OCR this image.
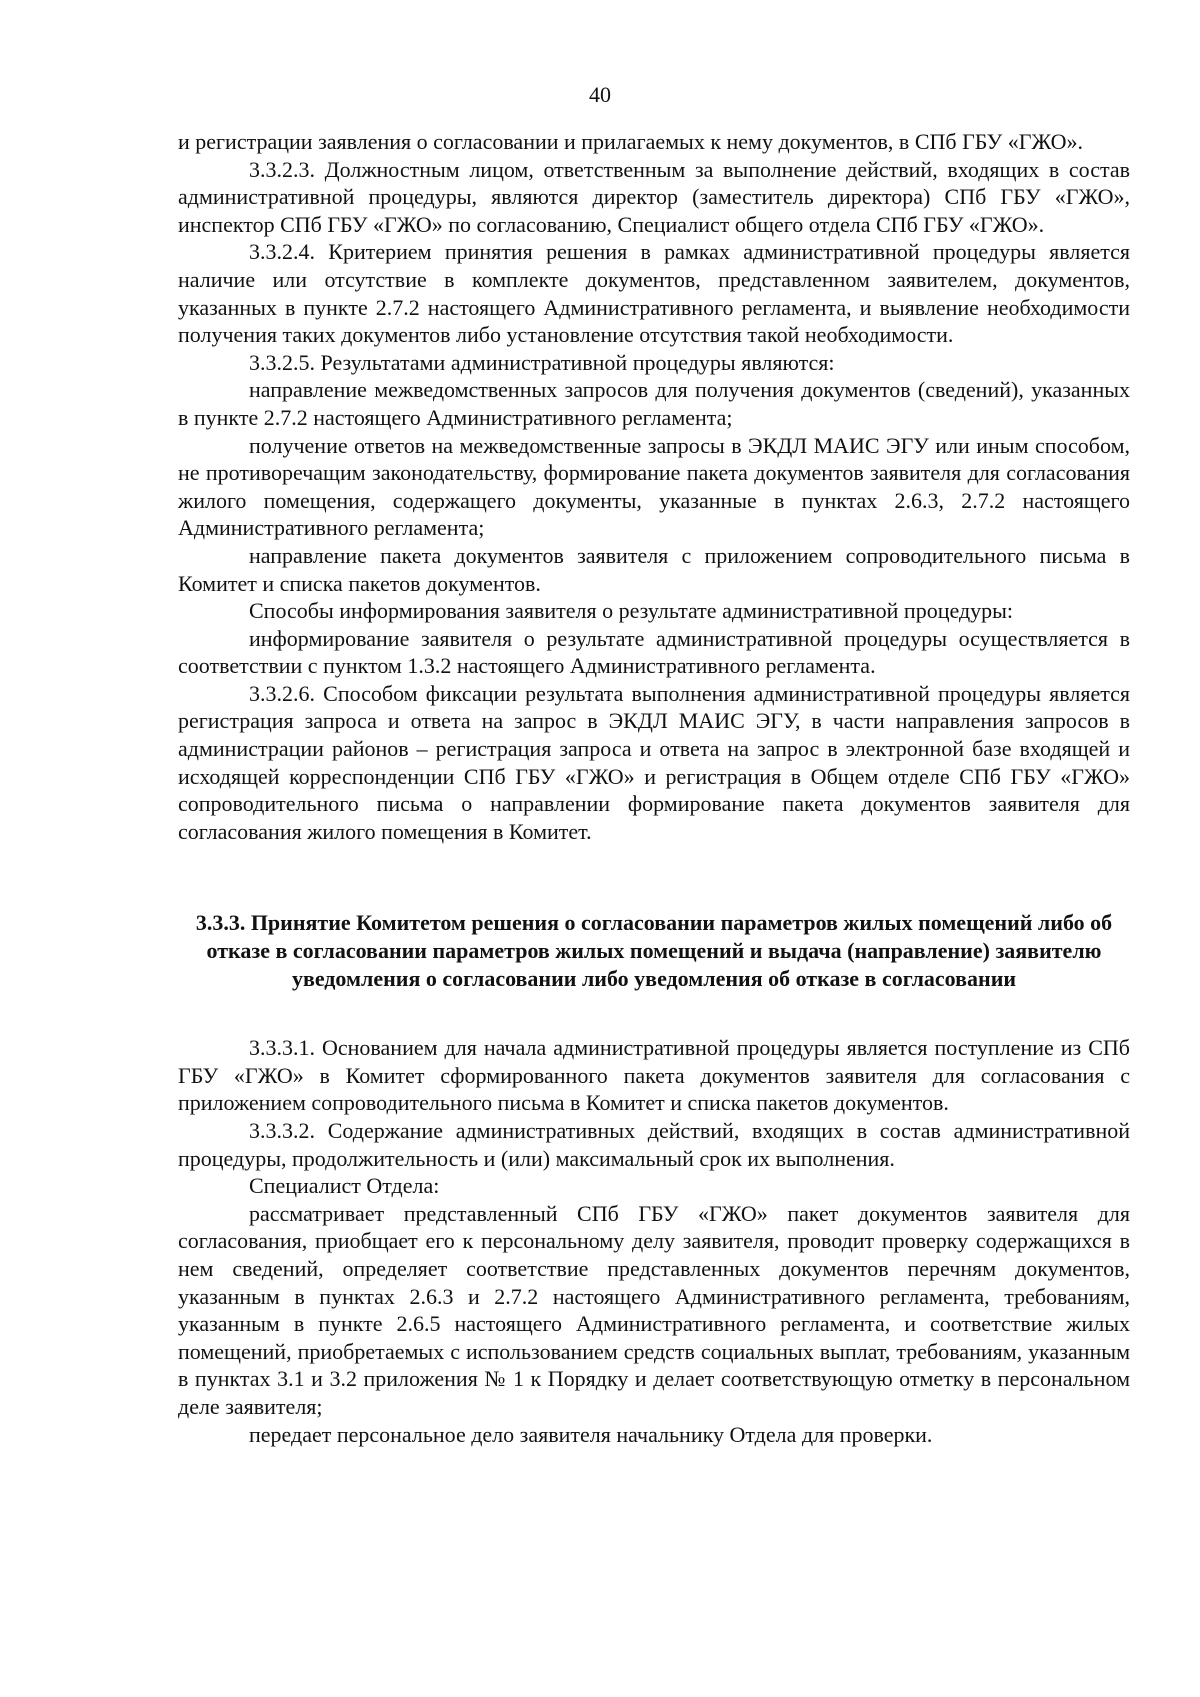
40

и регистрации заявления о согласовании и прилагаемых к нему документов, в СПб ГБУ «ГЖО».

3.3.2.3. Должностным лицом, ответственным за выполнение действий, входящих в состав административной процедуры, являются директор (заместитель директора) СПб ГБУ «ГЖО», инспектор СПб ГБУ «ГЖО» по согласованию, Специалист общего отдела СПб ГБУ «ГЖО».

3.3.2.4. Критерием принятия решения в рамках административной процедуры является наличие или отсутствие в комплекте документов, представленном заявителем, документов, указанных в пункте 2.7.2 настоящего Административного регламента, и выявление необходимости получения таких документов либо установление отсутствия такой необходимости.

3.3.2.5. Результатами административной процедуры являются:

направление межведомственных запросов для получения документов (сведений), указанных в пункте 2.7.2 настоящего Административного регламента;

получение ответов на межведомственные запросы в ЭКДЛ МАИС ЭГУ или иным способом, не противоречащим законодательству, формирование пакета документов заявителя для согласования жилого помещения, содержащего документы, указанные в пунктах 2.6.3, 2.7.2 настоящего Административного регламента;

направление пакета документов заявителя с приложением сопроводительного письма в Комитет и списка пакетов документов.

Способы информирования заявителя о результате административной процедуры:

информирование заявителя о результате административной процедуры осуществляется в соответствии с пунктом 1.3.2 настоящего Административного регламента.

3.3.2.6. Способом фиксации результата выполнения административной процедуры является регистрация запроса и ответа на запрос в ЭКДЛ МАИС ЭГУ, в части направления запросов в администрации районов – регистрация запроса и ответа на запрос в электронной базе входящей и исходящей корреспонденции СПб ГБУ «ГЖО» и регистрация в Общем отделе СПб ГБУ «ГЖО» сопроводительного письма о направлении формирование пакета документов заявителя для согласования жилого помещения в Комитет.

3.3.3. Принятие Комитетом решения о согласовании параметров жилых помещений либо об отказе в согласовании параметров жилых помещений и выдача (направление) заявителю уведомления о согласовании либо уведомления об отказе в согласовании

3.3.3.1. Основанием для начала административной процедуры является поступление из СПб ГБУ «ГЖО» в Комитет сформированного пакета документов заявителя для согласования с приложением сопроводительного письма в Комитет и списка пакетов документов.

3.3.3.2. Содержание административных действий, входящих в состав административной процедуры, продолжительность и (или) максимальный срок их выполнения.

Специалист Отдела:

рассматривает представленный СПб ГБУ «ГЖО» пакет документов заявителя для согласования, приобщает его к персональному делу заявителя, проводит проверку содержащихся в нем сведений, определяет соответствие представленных документов перечням документов, указанным в пунктах 2.6.3 и 2.7.2 настоящего Административного регламента, требованиям, указанным в пункте 2.6.5 настоящего Административного регламента, и соответствие жилых помещений, приобретаемых с использованием средств социальных выплат, требованиям, указанным в пунктах 3.1 и 3.2 приложения № 1 к Порядку и делает соответствующую отметку в персональном деле заявителя;

передает персональное дело заявителя начальнику Отдела для проверки.
